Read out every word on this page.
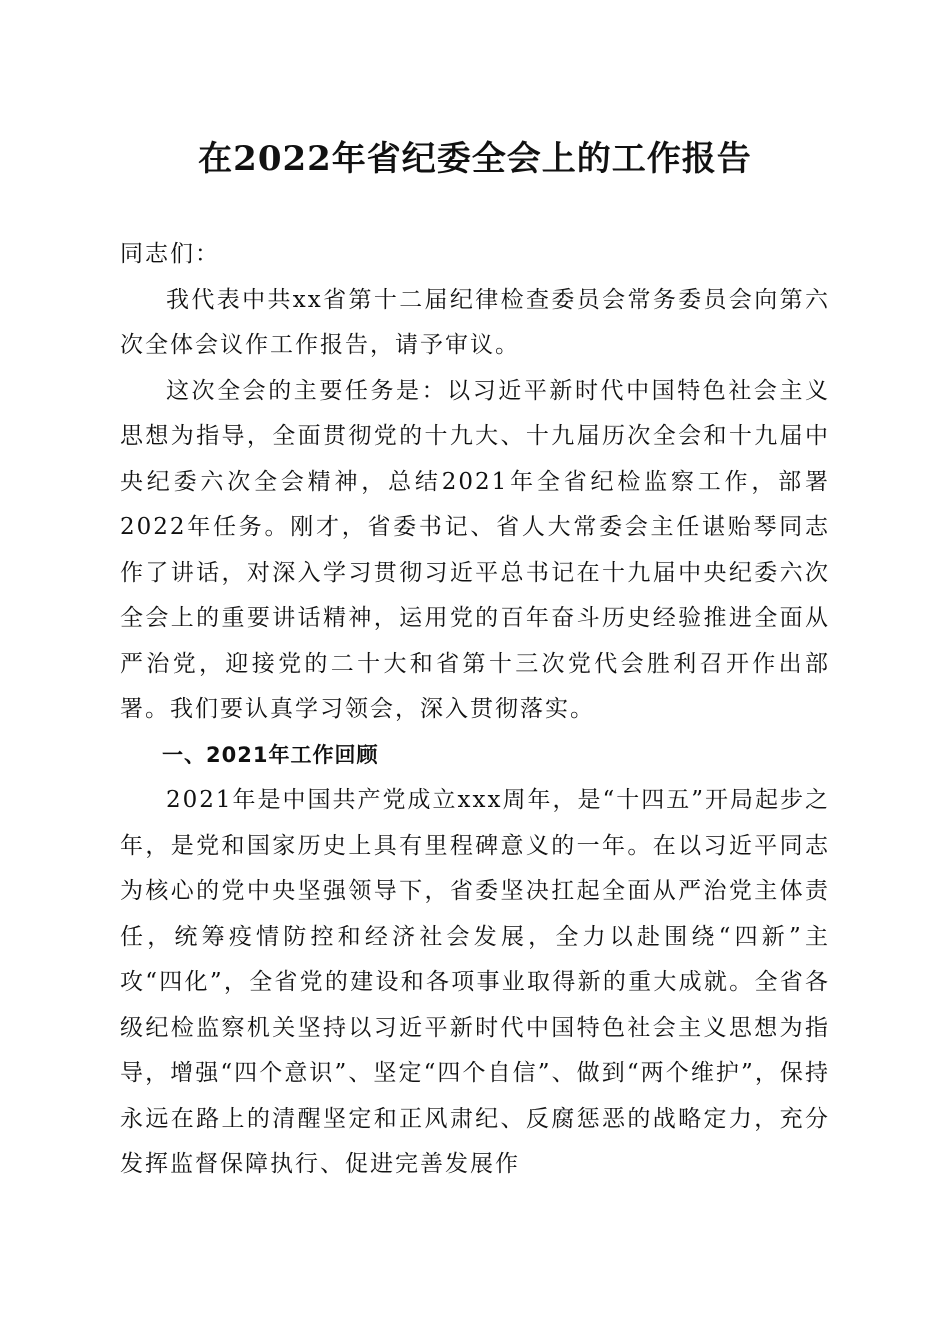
在2022年省纪委全会上的工作报告

同志们：

我代表中共xx省第十二届纪律检查委员会常务委员会向第六次全体会议作工作报告，请予审议。

这次全会的主要任务是：以习近平新时代中国特色社会主义思想为指导，全面贯彻党的十九大、十九届历次全会和十九届中央纪委六次全会精神，总结2021年全省纪检监察工作，部署2022年任务。刚才，省委书记、省人大常委会主任谌贻琴同志作了讲话，对深入学习贯彻习近平总书记在十九届中央纪委六次全会上的重要讲话精神，运用党的百年奋斗历史经验推进全面从严治党，迎接党的二十大和省第十三次党代会胜利召开作出部署。我们要认真学习领会，深入贯彻落实。

一、2021年工作回顾

2021年是中国共产党成立xxx周年，是“十四五”开局起步之年，是党和国家历史上具有里程碑意义的一年。在以习近平同志为核心的党中央坚强领导下，省委坚决扛起全面从严治党主体责任，统筹疫情防控和经济社会发展，全力以赴围绕“四新”主攻“四化”，全省党的建设和各项事业取得新的重大成就。全省各级纪检监察机关坚持以习近平新时代中国特色社会主义思想为指导，增强“四个意识”、坚定“四个自信”、做到“两个维护”，保持永远在路上的清醒坚定和正风肃纪、反腐惩恶的战略定力，充分发挥监督保障执行、促进完善发展作
